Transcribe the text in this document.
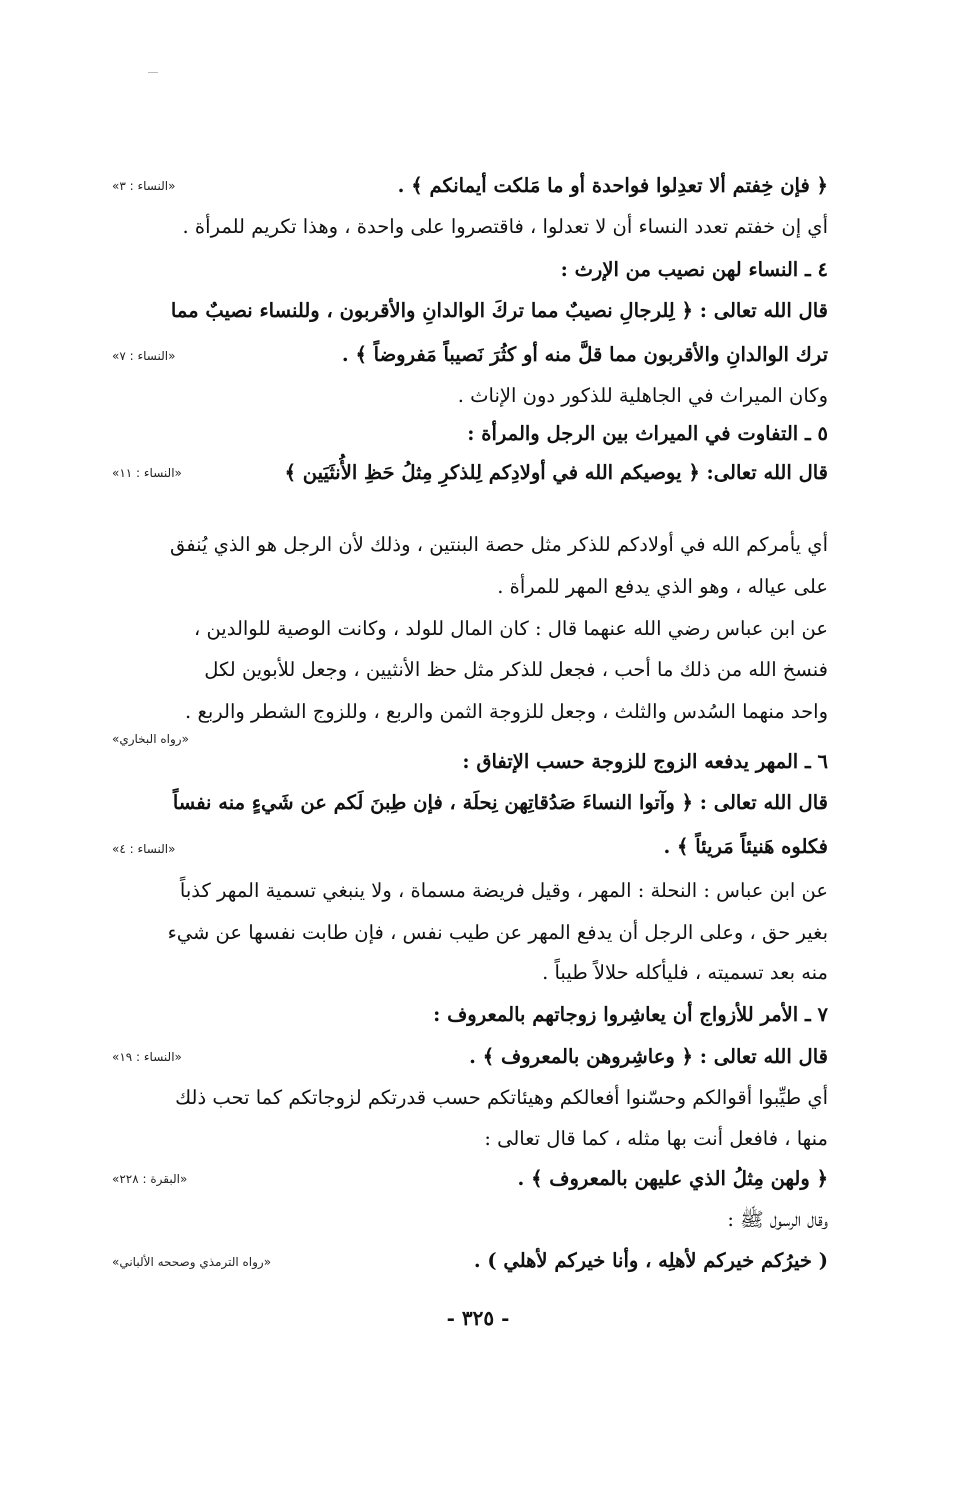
﴿ فإن خِفتم ألا تعدِلوا فواحدة أو ما مَلكت أيمانكم ﴾ .
«النساء : ٣»
أي إن خفتم تعدد النساء أن لا تعدلوا ، فاقتصروا على واحدة ، وهذا تكريم للمرأة .
٤ ـ النساء لهن نصيب من الإرث :
قال الله تعالى : ﴿ لِلرجالِ نصيبٌ مما تركَ الوالدانِ والأقربون ، وللنساء نصيبٌ مما
ترك الوالدانِ والأقربون مما قلَّ منه أو كثُرَ نَصيباً مَفروضاً ﴾ .
«النساء : ٧»
وكان الميراث في الجاهلية للذكور دون الإناث .
٥ ـ التفاوت في الميراث بين الرجل والمرأة :
قال الله تعالى: ﴿ يوصيكم الله في أولادِكم لِلذكرِ مِثلُ حَظِ الأُنثَيَين ﴾
«النساء : ١١»
أي يأمركم الله في أولادكم للذكر مثل حصة البنتين ، وذلك لأن الرجل هو الذي يُنفق
على عياله ، وهو الذي يدفع المهر للمرأة .
عن ابن عباس رضي الله عنهما قال : كان المال للولد ، وكانت الوصية للوالدين ،
فنسخ الله من ذلك ما أحب ، فجعل للذكر مثل حظ الأنثيين ، وجعل للأبوين لكل
واحد منهما السُدس والثلث ، وجعل للزوجة الثمن والربع ، وللزوج الشطر والربع .
«رواه البخاري»
٦ ـ المهر يدفعه الزوج للزوجة حسب الإتفاق :
قال الله تعالى : ﴿ وآتوا النساءَ صَدُقاتِهن نِحلَة ، فإن طِبنَ لَكم عن شَيءٍ منه نفساً
فكلوه هَنيئاً مَريئاً ﴾ .
«النساء : ٤»
عن ابن عباس : النحلة : المهر ، وقيل فريضة مسماة ، ولا ينبغي تسمية المهر كذباً
بغير حق ، وعلى الرجل أن يدفع المهر عن طيب نفس ، فإن طابت نفسها عن شيء
منه بعد تسميته ، فليأكله حلالاً طيباً .
٧ ـ الأمر للأزواج أن يعاشِروا زوجاتهم بالمعروف :
قال الله تعالى : ﴿ وعاشِروهن بالمعروف ﴾ .
«النساء : ١٩»
أي طيِّبوا أقوالكم وحسّنوا أفعالكم وهيئاتكم حسب قدرتكم لزوجاتكم كما تحب ذلك
منها ، فافعل أنت بها مثله ، كما قال تعالى :
﴿ ولهن مِثلُ الذي عليهن بالمعروف ﴾ .
«البقرة : ٢٢٨»
وقال الرسول ﷺ :
( خيرُكم خيركم لأهلِه ، وأنا خيركم لأهلي ) .
«رواه الترمذي وصححه الألباني»
- ٣٢٥ -
